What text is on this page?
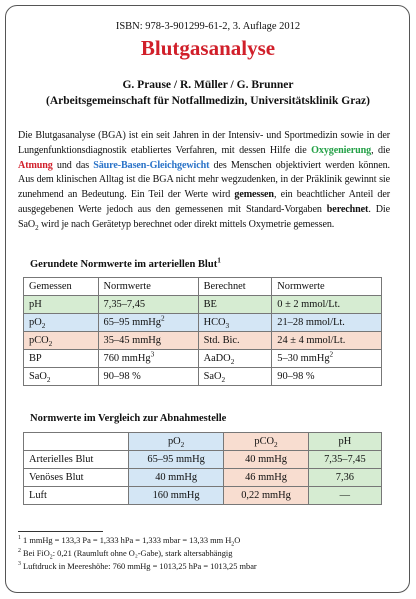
ISBN: 978-3-901299-61-2, 3. Auflage 2012
Blutgasanalyse
G. Prause / R. Müller / G. Brunner
(Arbeitsgemeinschaft für Notfallmedizin, Universitätsklinik Graz)

Die Blutgasanalyse (BGA) ist ein seit Jahren in der Intensiv- und Sportmedizin sowie in der Lungenfunktionsdiagnostik etabliertes Verfahren, mit dessen Hilfe die Oxygenierung, die Atmung und das Säure-Basen-Gleichgewicht des Menschen objektiviert werden können. Aus dem klinischen Alltag ist die BGA nicht mehr wegzudenken, in der Präklinik gewinnt sie zunehmend an Bedeutung. Ein Teil der Werte wird gemessen, ein beachtlicher Anteil der ausgegebenen Werte jedoch aus den gemessenen mit Standard-Vorgaben berechnet. Die SaO$_2$ wird je nach Gerätetyp berechnet oder direkt mittels Oxymetrie gemessen.

Gerundete Normwerte im arteriellen Blut$^1$
Gemessen	Normwerte	Berechnet	Normwerte
pH	7,35–7,45	BE	0 ± 2 mmol/Lt.
$pO_2$	65–95 mmHg$^2$	$HCO_3$	21–28 mmol/Lt.
pCO$_2$	35–45 mmHg	Std. Bic.	24 ± 4 mmol/Lt.
BP	760 mmHg$^3$	AaDO$_2$	5–30 mmHg$^2$
SaO$_2$	90–98 %	SaO$_2$	90–98 %
Normwerte im Vergleich zur Abnahmestelle
	$pO_2$	pCO$_2$	pH
Arterielles Blut	65–95 mmHg	40 mmHg	7,35–7,45
Venöses Blut	40 mmHg	46 mmHg	7,36
Luft	160 mmHg	0,22 mmHg	—
$^1$ 1 mmHg = 133,3 Pa = 1,333 hPa = 1,333 mbar = 13,33 mm $H_2O$
$^2$ Bei FiO$_2$: 0,21 (Raumluft ohne O₂-Gabe), stark altersabhängig
$^3$ Luftdruck in Meereshöhe: 760 mmHg = 1013,25 hPa = 1013,25 mbar
